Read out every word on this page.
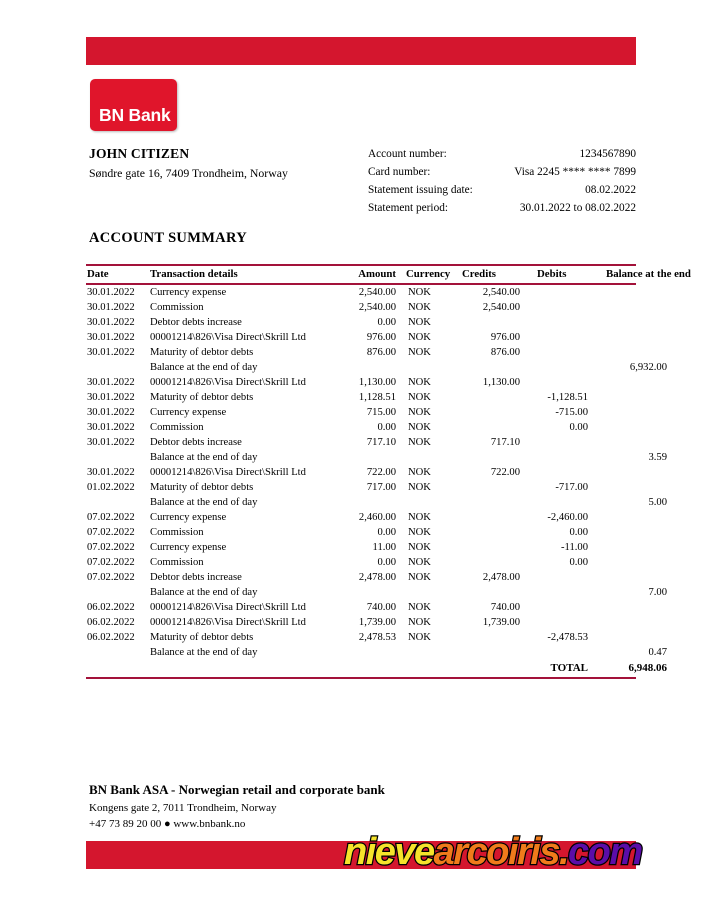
BN Bank
JOHN CITIZEN
Søndre gate 16, 7409 Trondheim, Norway
Account number:	1234567890
Card number:	Visa 2245 **** **** 7899
Statement issuing date:	08.02.2022
Statement period:	30.01.2022 to 08.02.2022
ACCOUNT SUMMARY
Date	Transaction details	Amount	Currency	Credits	Debits	Balance at the end
30.01.2022	Currency expense	2,540.00	NOK	2,540.00		
30.01.2022	Commission	2,540.00	NOK	2,540.00		
30.01.2022	Debtor debts increase	0.00	NOK			
30.01.2022	00001214\826\Visa Direct\Skrill Ltd	976.00	NOK	976.00		
30.01.2022	Maturity of debtor debts	876.00	NOK	876.00		
	Balance at the end of day					6,932.00
30.01.2022	00001214\826\Visa Direct\Skrill Ltd	1,130.00	NOK	1,130.00		
30.01.2022	Maturity of debtor debts	1,128.51	NOK		-1,128.51	
30.01.2022	Currency expense	715.00	NOK		-715.00	
30.01.2022	Commission	0.00	NOK		0.00	
30.01.2022	Debtor debts increase	717.10	NOK	717.10		
	Balance at the end of day					3.59
30.01.2022	00001214\826\Visa Direct\Skrill Ltd	722.00	NOK	722.00		
01.02.2022	Maturity of debtor debts	717.00	NOK		-717.00	
	Balance at the end of day					5.00
07.02.2022	Currency expense	2,460.00	NOK		-2,460.00	
07.02.2022	Commission	0.00	NOK		0.00	
07.02.2022	Currency expense	11.00	NOK		-11.00	
07.02.2022	Commission	0.00	NOK		0.00	
07.02.2022	Debtor debts increase	2,478.00	NOK	2,478.00		
	Balance at the end of day					7.00
06.02.2022	00001214\826\Visa Direct\Skrill Ltd	740.00	NOK	740.00		
06.02.2022	00001214\826\Visa Direct\Skrill Ltd	1,739.00	NOK	1,739.00		
06.02.2022	Maturity of debtor debts	2,478.53	NOK		-2,478.53	
	Balance at the end of day					0.47
					TOTAL	6,948.06
BN Bank ASA - Norwegian retail and corporate bank
Kongens gate 2, 7011 Trondheim, Norway
+47 73 89 20 00 ● www.bnbank.no
nievearcoiris.com
